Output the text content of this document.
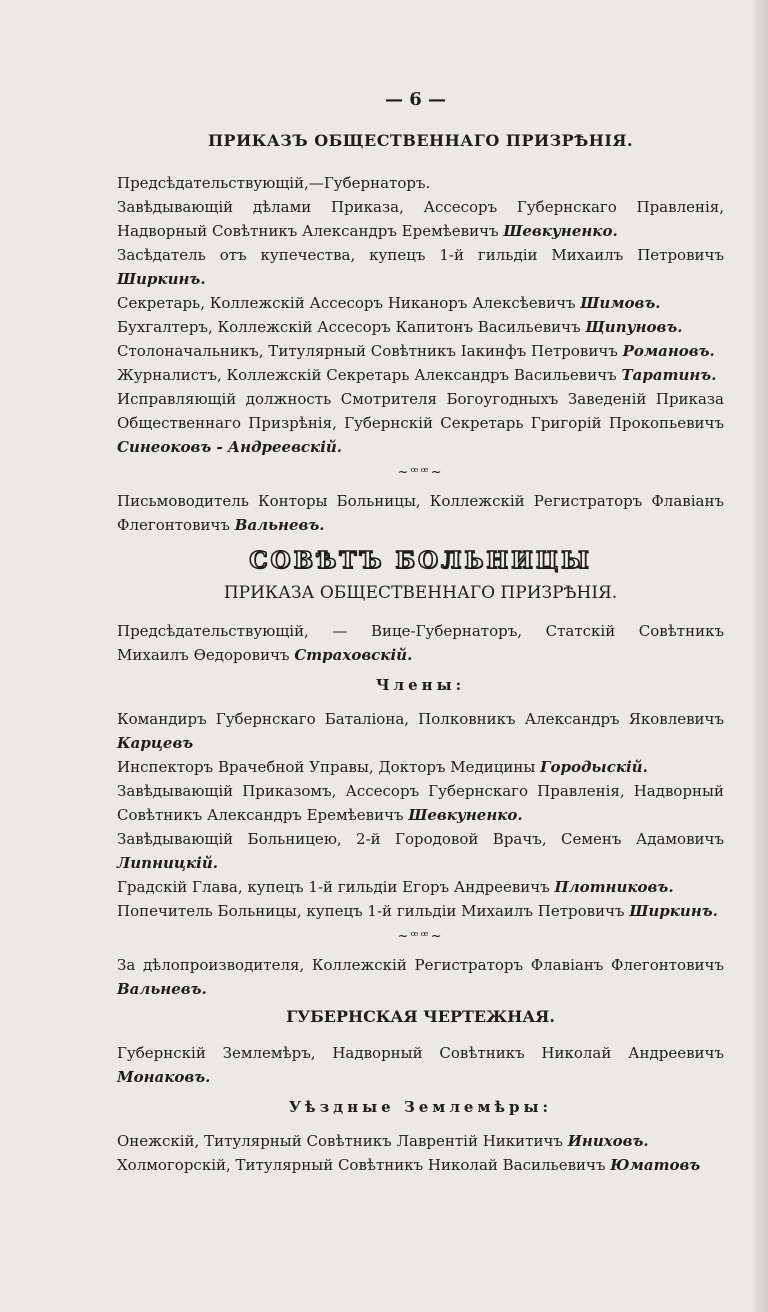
— 6 —
ПРИКАЗЪ ОБЩЕСТВЕННАГО ПРИЗРѢНІЯ.

Предсѣдательствующій,—Губернаторъ.

Завѣдывающій дѣлами Приказа, Ассесоръ Губернскаго Правленія, Надворный Совѣтникъ Александръ Еремѣевичъ Шевкуненко.

Засѣдатель отъ купечества, купецъ 1-й гильдіи Михаилъ Петровичъ Ширкинъ.

Секретарь, Коллежскій Ассесоръ Никаноръ Алексѣевичъ Шимовъ.

Бухгалтеръ, Коллежскій Ассесоръ Капитонъ Васильевичъ Щипуновъ.

Столоначальникъ, Титулярный Совѣтникъ Іакинфъ Петровичъ Романовъ.

Журналистъ, Коллежскій Секретарь Александръ Васильевичъ Таратинъ.

Исправляющій должность Смотрителя Богоугодныхъ Заведеній Приказа Общественнаго Призрѣнія, Губернскій Секретарь Григорій Прокопьевичъ Синеоковъ - Андреевскій.

~ꟹꟹ~

Письмоводитель Конторы Больницы, Коллежскій Регистраторъ Флавіанъ Флегонтовичъ Вальневъ.

СОВѢТЪ БОЛЬНИЦЫ
ПРИКАЗА ОБЩЕСТВЕННАГО ПРИЗРѢНІЯ.

Предсѣдательствующій, — Вице-Губернаторъ, Статскій Совѣтникъ Михаилъ Ѳедоровичъ Страховскій.

Члены:

Командиръ Губернскаго Баталіона, Полковникъ Александръ Яковлевичъ Карцевъ

Инспекторъ Врачебной Управы, Докторъ Медицины Городыскій.

Завѣдывающій Приказомъ, Ассесоръ Губернскаго Правленія, Надворный Совѣтникъ Александръ Еремѣевичъ Шевкуненко.

Завѣдывающій Больницею, 2-й Городовой Врачъ, Семенъ Адамовичъ Липницкій.

Градскій Глава, купецъ 1-й гильдіи Егоръ Андреевичъ Плотниковъ.

Попечитель Больницы, купецъ 1-й гильдіи Михаилъ Петровичъ Ширкинъ.

~ꟹꟹ~

За дѣлопроизводителя, Коллежскій Регистраторъ Флавіанъ Флегонтовичъ Вальневъ.

ГУБЕРНСКАЯ ЧЕРТЕЖНАЯ.

Губернскій Землемѣръ, Надворный Совѣтникъ Николай Андреевичъ Монаковъ.

Уѣздные Землемѣры:

Онежскій, Титулярный Совѣтникъ Лаврентій Никитичъ Иниховъ.

Холмогорскій, Титулярный Совѣтникъ Николай Васильевичъ Юматовъ
